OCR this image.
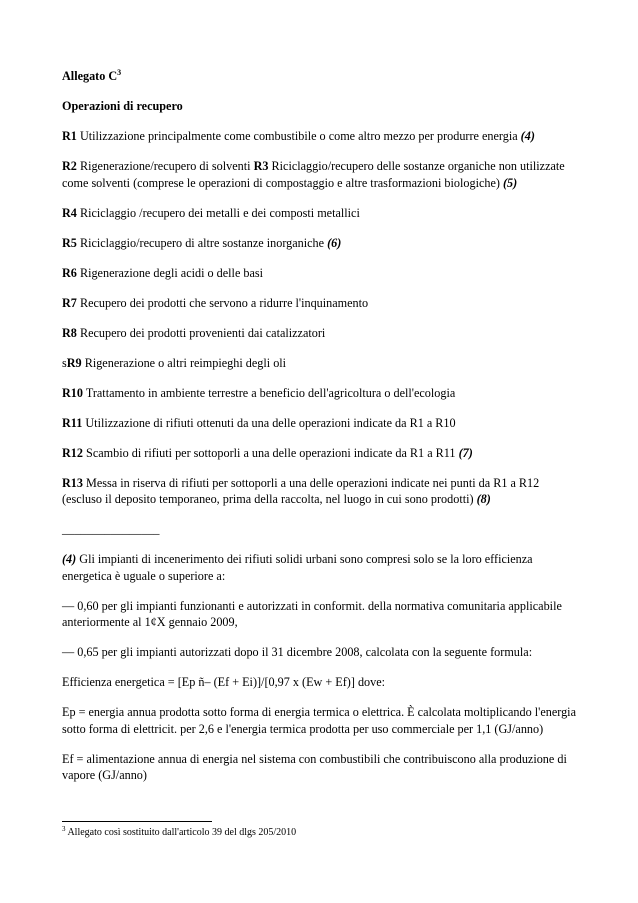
Allegato C$^3$

Operazioni di recupero

R1 Utilizzazione principalmente come combustibile o come altro mezzo per produrre energia (4)

R2 Rigenerazione/recupero di solventi R3 Riciclaggio/recupero delle sostanze organiche non utilizzate come solventi (comprese le operazioni di compostaggio e altre trasformazioni biologiche) (5)

R4 Riciclaggio /recupero dei metalli e dei composti metallici

R5 Riciclaggio/recupero di altre sostanze inorganiche (6)

R6 Rigenerazione degli acidi o delle basi

R7 Recupero dei prodotti che servono a ridurre l'inquinamento

R8 Recupero dei prodotti provenienti dai catalizzatori

sR9 Rigenerazione o altri reimpieghi degli oli

R10 Trattamento in ambiente terrestre a beneficio dell'agricoltura o dell'ecologia

R11 Utilizzazione di rifiuti ottenuti da una delle operazioni indicate da R1 a R10

R12 Scambio di rifiuti per sottoporli a una delle operazioni indicate da R1 a R11 (7)

R13 Messa in riserva di rifiuti per sottoporli a una delle operazioni indicate nei punti da R1 a R12 (escluso il deposito temporaneo, prima della raccolta, nel luogo in cui sono prodotti) (8)

________________

(4) Gli impianti di incenerimento dei rifiuti solidi urbani sono compresi solo se la loro efficienza energetica è uguale o superiore a:

— 0,60 per gli impianti funzionanti e autorizzati in conformit. della normativa comunitaria applicabile anteriormente al 1¢X gennaio 2009,

— 0,65 per gli impianti autorizzati dopo il 31 dicembre 2008, calcolata con la seguente formula:

Efficienza energetica = [Ep ñ– (Ef + Ei)]/[0,97 x (Ew + Ef)] dove:

Ep = energia annua prodotta sotto forma di energia termica o elettrica. È calcolata moltiplicando l'energia sotto forma di elettricit. per 2,6 e l'energia termica prodotta per uso commerciale per 1,1 (GJ/anno)

Ef = alimentazione annua di energia nel sistema con combustibili che contribuiscono alla produzione di vapore (GJ/anno)

$^3$ Allegato così sostituito dall'articolo 39 del dlgs 205/2010
